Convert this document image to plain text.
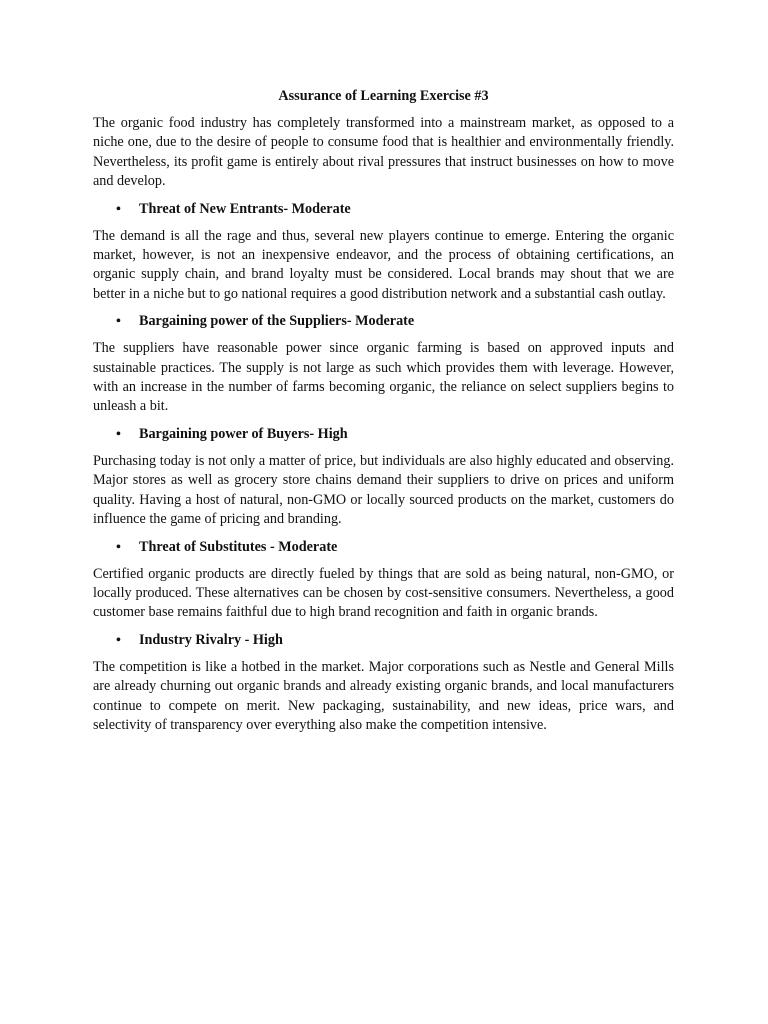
Assurance of Learning Exercise #3

The organic food industry has completely transformed into a mainstream market, as opposed to a niche one, due to the desire of people to consume food that is healthier and environmentally friendly. Nevertheless, its profit game is entirely about rival pressures that instruct businesses on how to move and develop.

• Threat of New Entrants- Moderate

The demand is all the rage and thus, several new players continue to emerge. Entering the organic market, however, is not an inexpensive endeavor, and the process of obtaining certifications, an organic supply chain, and brand loyalty must be considered. Local brands may shout that we are better in a niche but to go national requires a good distribution network and a substantial cash outlay.

• Bargaining power of the Suppliers- Moderate

The suppliers have reasonable power since organic farming is based on approved inputs and sustainable practices. The supply is not large as such which provides them with leverage. However, with an increase in the number of farms becoming organic, the reliance on select suppliers begins to unleash a bit.

• Bargaining power of Buyers- High

Purchasing today is not only a matter of price, but individuals are also highly educated and observing. Major stores as well as grocery store chains demand their suppliers to drive on prices and uniform quality. Having a host of natural, non-GMO or locally sourced products on the market, customers do influence the game of pricing and branding.

• Threat of Substitutes - Moderate

Certified organic products are directly fueled by things that are sold as being natural, non-GMO, or locally produced. These alternatives can be chosen by cost-sensitive consumers. Nevertheless, a good customer base remains faithful due to high brand recognition and faith in organic brands.

• Industry Rivalry - High

The competition is like a hotbed in the market. Major corporations such as Nestle and General Mills are already churning out organic brands and already existing organic brands, and local manufacturers continue to compete on merit. New packaging, sustainability, and new ideas, price wars, and selectivity of transparency over everything also make the competition intensive.
